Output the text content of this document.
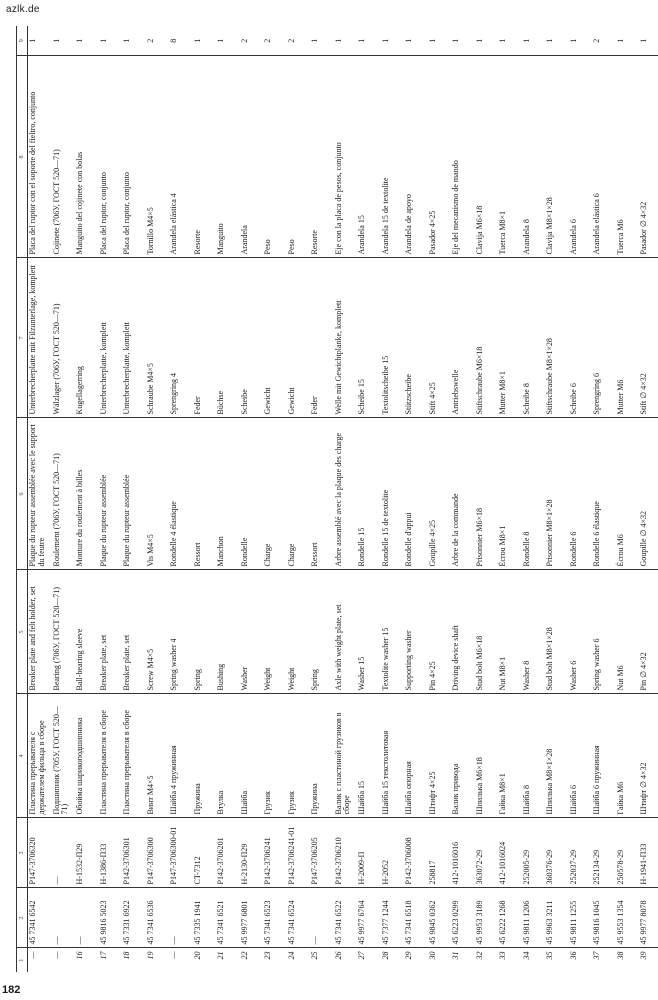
azlk.de
182
1	2	3	4	5	6	7	8	9
—	45 7341 6542	P147-3706320	Пластина прерывателя с держателем фильца в сборе	Breaker plate and felt holder, set	Plaque du rupteur assemblée avec le support du feutre	Unterbrecherplatte mit Filzunterlage, komplett	Placa del ruptor con el soporte del fieltro, conjunto	1
—	—	—	Подшипник (705У, ГОСТ 520—71)	Bearing (706У, ГОСТ 520—71)	Roulement (706У, ГОСТ 520—71)	Wälzlager (706У, ГОСТ 520—71)	Cojinete (706У, ГОСТ 520—71)	1
16	—	H-1532-П29	Обойма шарикоподшипника	Ball-bearing sleeve	Monture du roulement à billes	Kugellagerring	Manguito del cojinete con bolas	1
17	45 9816 5023	H-1386-П33	Пластина прерывателя в сборе	Breaker plate, set	Plaque du rupteur assemblée	Unterbrecherplatte, komplett	Placa del ruptor, conjunto	1
18	45 7331 6922	P142-3706301	Пластина прерывателя в сборе	Breaker plate, set	Plaque du rupteur assemblée	Unterbrecherplatte, komplett	Placa del ruptor, conjunto	1
19	45 7341 6536	P147-3706300	Винт М4×5	Screw M4×5	Vis M4×5	Schraube M4×5	Tornillo M4×5	2
—	—	P147-3706300-01	Шайба 4 пружинная	Spring washer 4	Rondelle 4 élastique	Sprengring 4	Arandela elástica 4	8
20	45 7335 1941	CT-7312	Пружина	Spring	Ressort	Feder	Resorte	1
21	45 7341 6521	P142-3706201	Втулка	Bushing	Manchon	Büchse	Manguito	1
22	45 9977 6801	H-2130-П29	Шайба	Washer	Rondelle	Scheibe	Arandela	2
23	45 7341 6523	P142-3706241	Грузик	Weight	Charge	Gewicht	Peso	2
24	45 7341 6524	P142-3706241-01	Грузик	Weight	Charge	Gewicht	Peso	2
25	—	P147-3706205	Пружина	Spring	Ressort	Feder	Resorte	1
26	45 7341 6522	P142-3706210	Валик с пластиной грузиков в сборе	Axle with weight plate, set	Arbre assemblé avec la plaque des charge	Welle mit Gewichtplanke, komplett	Eje con la placa de pesos, conjunto	1
27	45 9977 6764	H-2009-П	Шайба 15	Washer 15	Rondelle 15	Scheibe 15	Arandela 15	1
28	45 7377 1244	H-2052	Шайба 15 текстолитовая	Textolite washer 15	Rondelle 15 de textolite	Textolitscheibe 15	Arandela 15 de textolite	1
29	45 7341 6518	P142-3706008	Шайба опорная	Supporting washer	Rondelle d'appui	Stützscheibe	Arandela de apoyo	1
30	45 9845 0362	258817	Штифт 4×25	Pin 4×25	Goupille 4×25	Stift 4×25	Pasador 4×25	1
31	45 6223 0299	412-1016016	Валик привода	Driving device shaft	Arbre de la commande	Antriebswelle	Eje del mecanismo de mando	1
32	45 9953 3189	363072-29	Шпилька М6×18	Stud bolt M6×18	Prisonnier M6×18	Stiftschraube M6×18	Clavija M6×18	1
33	45 6222 1268	412-1016024	Гайка М8×1	Nut M8×1	Écrou M8×1	Mutter M8×1	Tuerca M8×1	1
34	45 9811 1206	252005-29	Шайба 8	Washer 8	Rondelle 8	Scheibe 8	Arandela 8	1
35	45 9963 3211	360376-29	Шпилька М8×1×28	Stud bolt M8×1×28	Prisonnier M8×1×28	Stiftschraube M8×1×28	Clavija M8×1×28	1
36	45 9811 1255	252037-29	Шайба 6	Washer 6	Rondelle 6	Scheibe 6	Arandela 6	1
37	45 9816 1045	252134-29	Шайба 6 пружинная	Spring washer 6	Rondelle 6 élastique	Sprengring 6	Arandela elástica 6	2
38	45 9553 1354	250578-29	Гайка М6	Nut M6	Écrou M6	Mutter M6	Tuerca M6	1
39	45 9977 8078	H-1941-П33	Штифт ∅ 4×32	Pin ∅ 4×32	Goupille ∅ 4×32	Stift ∅ 4×32	Pasador ∅ 4×32	1
